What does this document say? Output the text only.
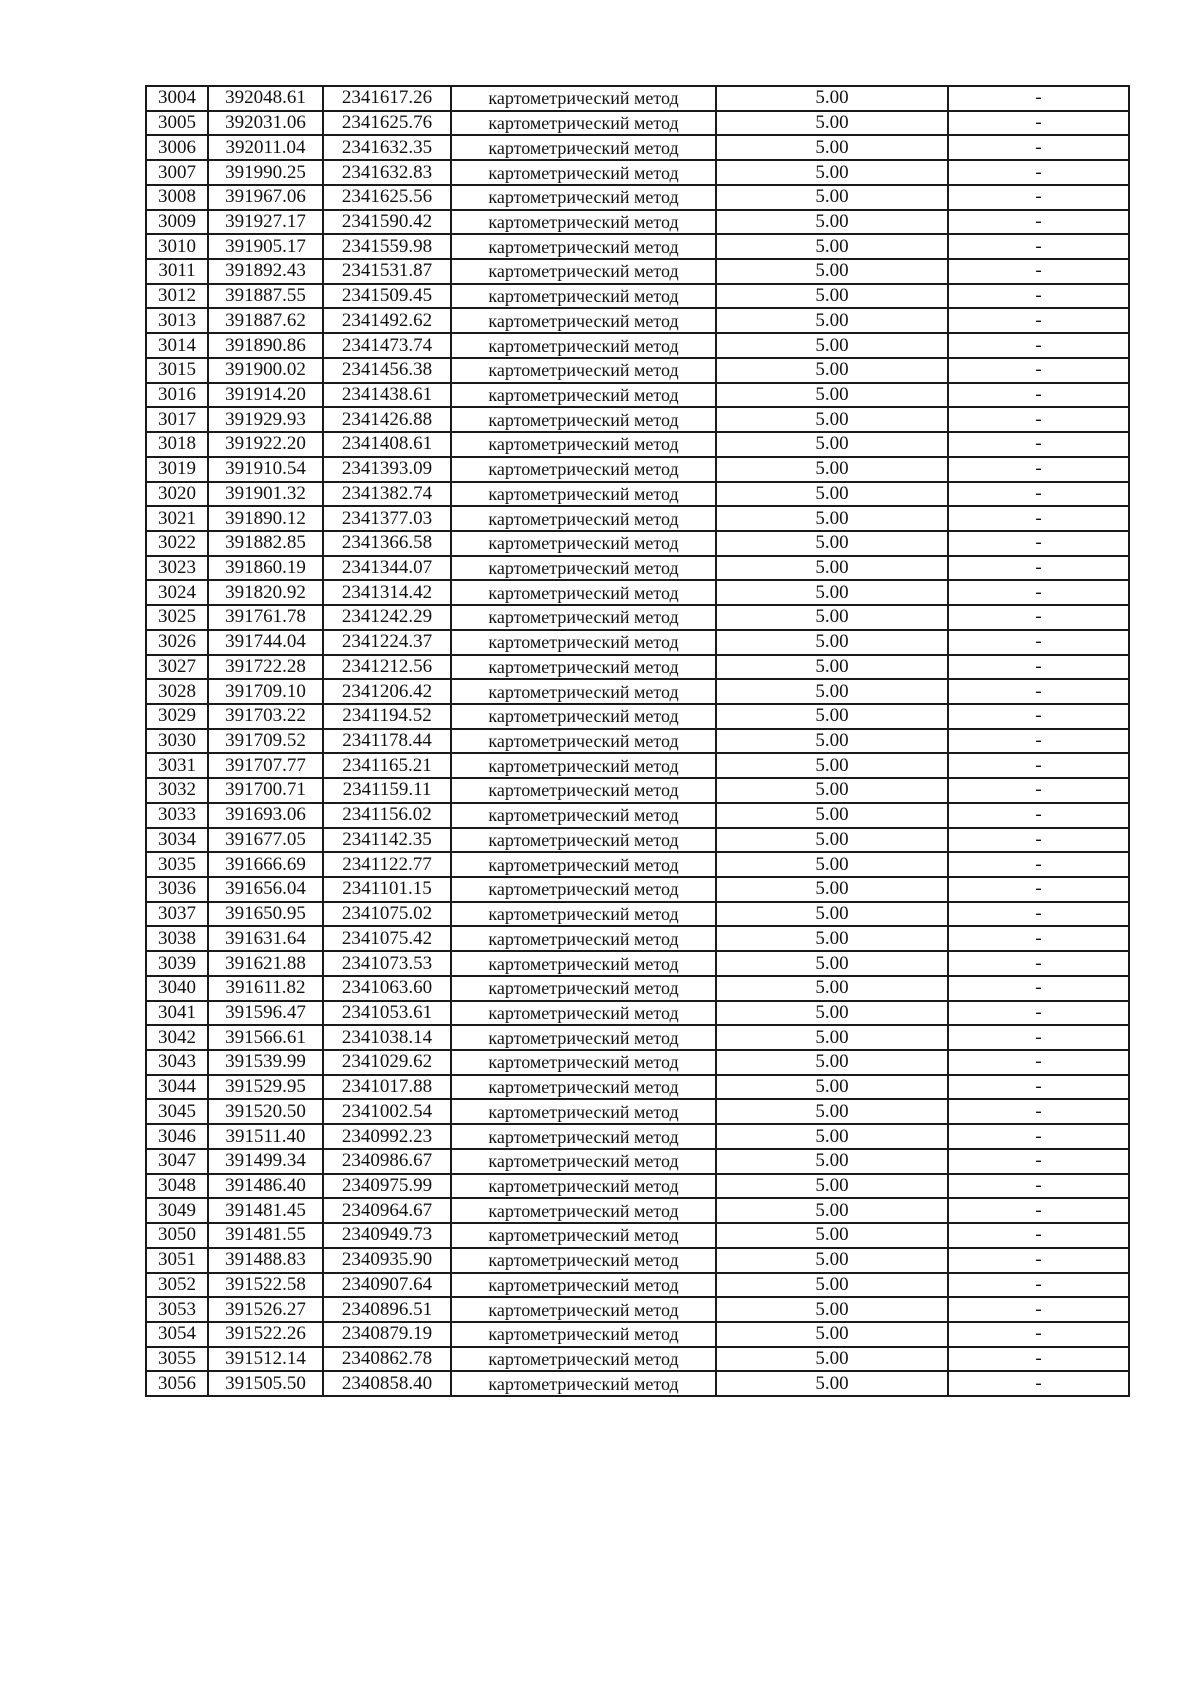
3004	392048.61	2341617.26	картометрический метод	5.00	-
3005	392031.06	2341625.76	картометрический метод	5.00	-
3006	392011.04	2341632.35	картометрический метод	5.00	-
3007	391990.25	2341632.83	картометрический метод	5.00	-
3008	391967.06	2341625.56	картометрический метод	5.00	-
3009	391927.17	2341590.42	картометрический метод	5.00	-
3010	391905.17	2341559.98	картометрический метод	5.00	-
3011	391892.43	2341531.87	картометрический метод	5.00	-
3012	391887.55	2341509.45	картометрический метод	5.00	-
3013	391887.62	2341492.62	картометрический метод	5.00	-
3014	391890.86	2341473.74	картометрический метод	5.00	-
3015	391900.02	2341456.38	картометрический метод	5.00	-
3016	391914.20	2341438.61	картометрический метод	5.00	-
3017	391929.93	2341426.88	картометрический метод	5.00	-
3018	391922.20	2341408.61	картометрический метод	5.00	-
3019	391910.54	2341393.09	картометрический метод	5.00	-
3020	391901.32	2341382.74	картометрический метод	5.00	-
3021	391890.12	2341377.03	картометрический метод	5.00	-
3022	391882.85	2341366.58	картометрический метод	5.00	-
3023	391860.19	2341344.07	картометрический метод	5.00	-
3024	391820.92	2341314.42	картометрический метод	5.00	-
3025	391761.78	2341242.29	картометрический метод	5.00	-
3026	391744.04	2341224.37	картометрический метод	5.00	-
3027	391722.28	2341212.56	картометрический метод	5.00	-
3028	391709.10	2341206.42	картометрический метод	5.00	-
3029	391703.22	2341194.52	картометрический метод	5.00	-
3030	391709.52	2341178.44	картометрический метод	5.00	-
3031	391707.77	2341165.21	картометрический метод	5.00	-
3032	391700.71	2341159.11	картометрический метод	5.00	-
3033	391693.06	2341156.02	картометрический метод	5.00	-
3034	391677.05	2341142.35	картометрический метод	5.00	-
3035	391666.69	2341122.77	картометрический метод	5.00	-
3036	391656.04	2341101.15	картометрический метод	5.00	-
3037	391650.95	2341075.02	картометрический метод	5.00	-
3038	391631.64	2341075.42	картометрический метод	5.00	-
3039	391621.88	2341073.53	картометрический метод	5.00	-
3040	391611.82	2341063.60	картометрический метод	5.00	-
3041	391596.47	2341053.61	картометрический метод	5.00	-
3042	391566.61	2341038.14	картометрический метод	5.00	-
3043	391539.99	2341029.62	картометрический метод	5.00	-
3044	391529.95	2341017.88	картометрический метод	5.00	-
3045	391520.50	2341002.54	картометрический метод	5.00	-
3046	391511.40	2340992.23	картометрический метод	5.00	-
3047	391499.34	2340986.67	картометрический метод	5.00	-
3048	391486.40	2340975.99	картометрический метод	5.00	-
3049	391481.45	2340964.67	картометрический метод	5.00	-
3050	391481.55	2340949.73	картометрический метод	5.00	-
3051	391488.83	2340935.90	картометрический метод	5.00	-
3052	391522.58	2340907.64	картометрический метод	5.00	-
3053	391526.27	2340896.51	картометрический метод	5.00	-
3054	391522.26	2340879.19	картометрический метод	5.00	-
3055	391512.14	2340862.78	картометрический метод	5.00	-
3056	391505.50	2340858.40	картометрический метод	5.00	-
